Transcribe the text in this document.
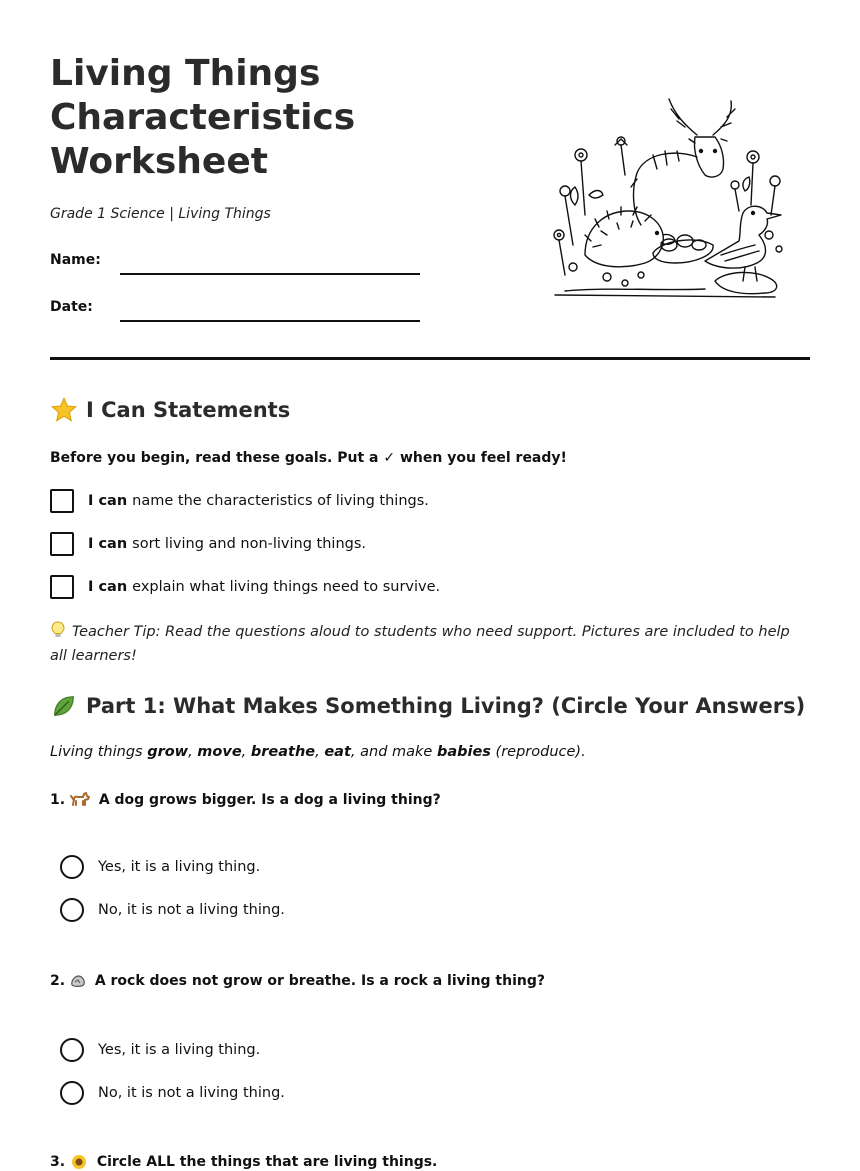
Living Things
Characteristics
Worksheet
Grade 1 Science | Living Things
Name:
Date:
I Can Statements
Before you begin, read these goals. Put a ✓ when you feel ready!
I can name the characteristics of living things.
I can sort living and non-living things.
I can explain what living things need to survive.
Teacher Tip: Read the questions aloud to students who need support. Pictures are included to help all learners!
Part 1: What Makes Something Living? (Circle Your Answers)
Living things grow, move, breathe, eat, and make babies (reproduce).
1. A dog grows bigger. Is a dog a living thing?
Yes, it is a living thing.
No, it is not a living thing.
2. A rock does not grow or breathe. Is a rock a living thing?
Yes, it is a living thing.
No, it is not a living thing.
3. Circle ALL the things that are living things.
